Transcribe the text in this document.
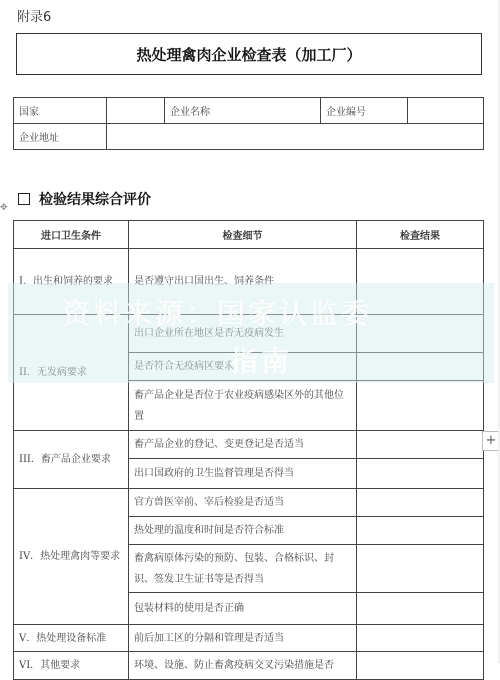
附录6
热处理禽肉企业检查表（加工厂）
国家		企业名称	企业编号	
企业地址				
检验结果综合评价
✥
进口卫生条件	检查细节	检查结果
I．出生和饲养的要求	是否遵守出口国出生、饲养条件	
II．无发病要求	出口企业所在地区是否无疫病发生	
	是否符合无疫病区要求	
	畜产品企业是否位于农业疫病感染区外的其他位置	
III．畜产品企业要求	畜产品企业的登记、变更登记是否适当	
	出口国政府的卫生监督管理是否得当	
IV．热处理禽肉等要求	官方兽医宰前、宰后检验是否适当	
	热处理的温度和时间是否符合标准	
	畜禽病原体污染的预防、包装、合格标识、封识、签发卫生证书等是否得当	
	包装材料的使用是否正确	
V．热处理设备标准	前后加工区的分隔和管理是否适当	
VI．其他要求	环境、设施、防止畜禽疫病交叉污染措施是否	
资料来源：国家认监委
指南
+
